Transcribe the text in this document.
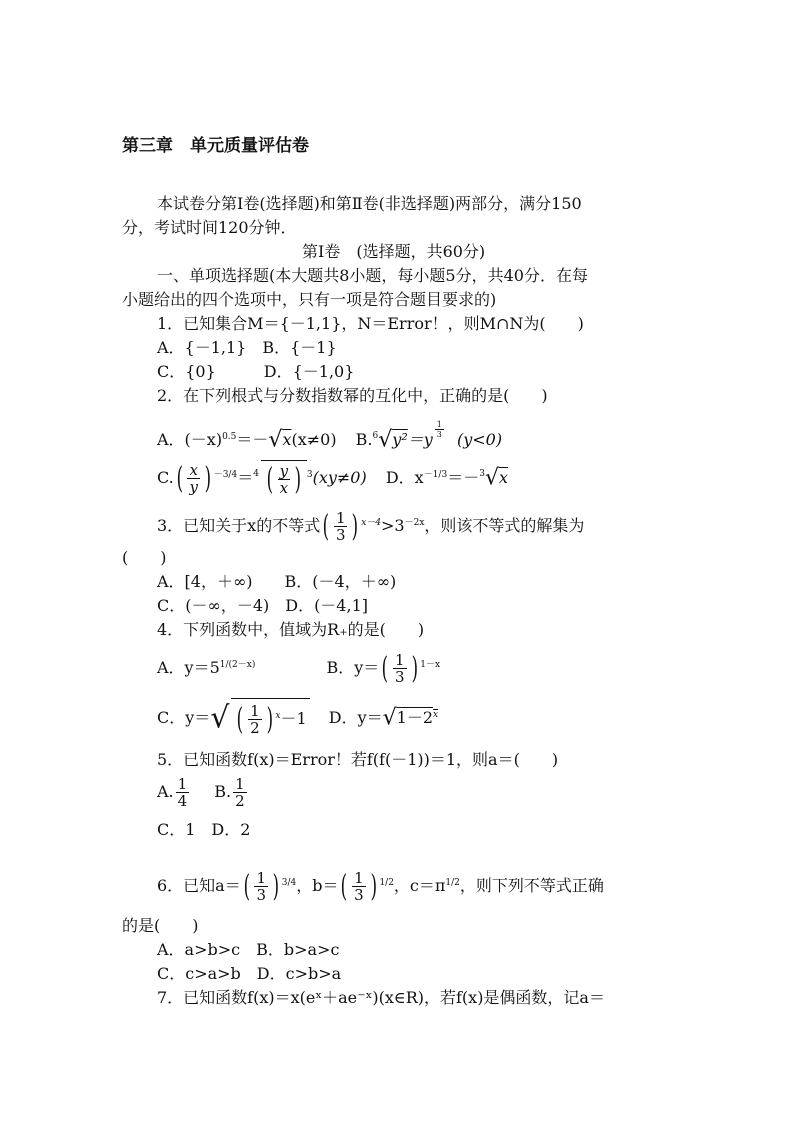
第三章　单元质量评估卷
本试卷分第Ⅰ卷(选择题)和第Ⅱ卷(非选择题)两部分，满分150
分，考试时间120分钟．
第Ⅰ卷　(选择题，共60分)
一、单项选择题(本大题共8小题，每小题5分，共40分．在每
小题给出的四个选项中，只有一项是符合题目要求的)
1．已知集合M＝{－1,1}，N＝Error！，则M∩N为(　　)
A．{－1,1}　B．{－1}
C．{0}　　　D．{－1,0}
2．在下列根式与分数指数幂的互化中，正确的是(　　)
A．$(-x)^{0.5}=-√x(x\ne 0)$ B.$^6$√y²＝y
$\frac{1}{3}$
(y<0)
$C.( \frac{x}{y}$ ) $^{-3/4}$＝$^4$ ( $\frac{y}{x}$ ) $^3$(xy≠0) D．$x^{-1/3}=-^3√x$
3．已知关于x的不等式( $\frac{1}{3}$ ) $^{x-4}>3^{-2x}$，则该不等式的解集为
(　　)
A．[4，＋∞)　　B．(－4，＋∞)
C．(－∞，－4)　D．(－4,1]
4．下列函数中，值域为R₊的是(　　)
A．$y=5^{1/(2-x)}$	B．$y=( \frac{1}{3}$ ) $^{1-x}$
C．y＝√ ( $\frac{1}{2}$ ) $^x$－1 D．$y=√1-2^x$
5．已知函数f(x)＝Error！若f(f(－1))＝1，则a＝(　　)
A. $\frac{1}{4} B$. $\frac{1}{2}$
C．1　D．2
6．已知$a=( \frac{1}{3}$ ) $^{3/4}$，$b=( \frac{1}{3}$ ) $^{1/2}$，$c=\pi^{1/2}$，则下列不等式正确
的是(　　)
A．a>b>c　B．b>a>c
C．c>a>b　D．c>b>a
7．已知函数f(x)＝x(eˣ＋ae⁻ˣ)(x∈R)，若f(x)是偶函数，记a＝
